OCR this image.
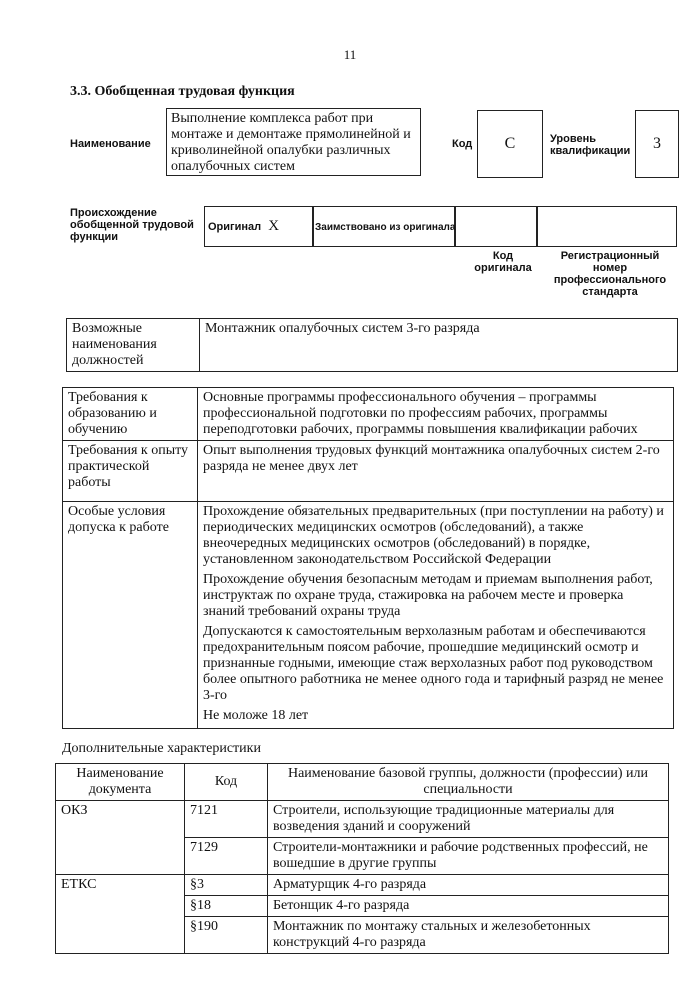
11
3.3. Обобщенная трудовая функция
Наименование
Выполнение комплекса работ при монтаже и демонтаже прямолинейной и криволинейной опалубки различных опалубочных систем
Код C	Уровень квалификации 3
Происхождение обобщенной трудовой функции
Оригинал X	Заимствовано из оригинала
Код оригинала
Регистрационный номер профессионального стандарта
Возможные наименования должностей	Монтажник опалубочных систем 3-го разряда
Требования к образованию и обучению	Основные программы профессионального обучения – программы профессиональной подготовки по профессиям рабочих, программы переподготовки рабочих, программы повышения квалификации рабочих
Требования к опыту практической работы	Опыт выполнения трудовых функций монтажника опалубочных систем 2-го разряда не менее двух лет
Особые условия допуска к работе	Прохождение обязательных предварительных (при поступлении на работу) и периодических медицинских осмотров (обследований), а также внеочередных медицинских осмотров (обследований) в порядке, установленном законодательством Российской Федерации

Прохождение обучения безопасным методам и приемам выполнения работ, инструктаж по охране труда, стажировка на рабочем месте и проверка знаний требований охраны труда

Допускаются к самостоятельным верхолазным работам и обеспечиваются предохранительным поясом рабочие, прошедшие медицинский осмотр и признанные годными, имеющие стаж верхолазных работ под руководством более опытного работника не менее одного года и тарифный разряд не менее 3-го

Не моложе 18 лет

Дополнительные характеристики
Наименование документа	Код	Наименование базовой группы, должности (профессии) или специальности
ОКЗ	7121	Строители, использующие традиционные материалы для возведения зданий и сооружений
	7129	Строители-монтажники и рабочие родственных профессий, не вошедшие в другие группы
ЕТКС	§3	Арматурщик 4-го разряда
	§18	Бетонщик 4-го разряда
	§190	Монтажник по монтажу стальных и железобетонных конструкций 4-го разряда
